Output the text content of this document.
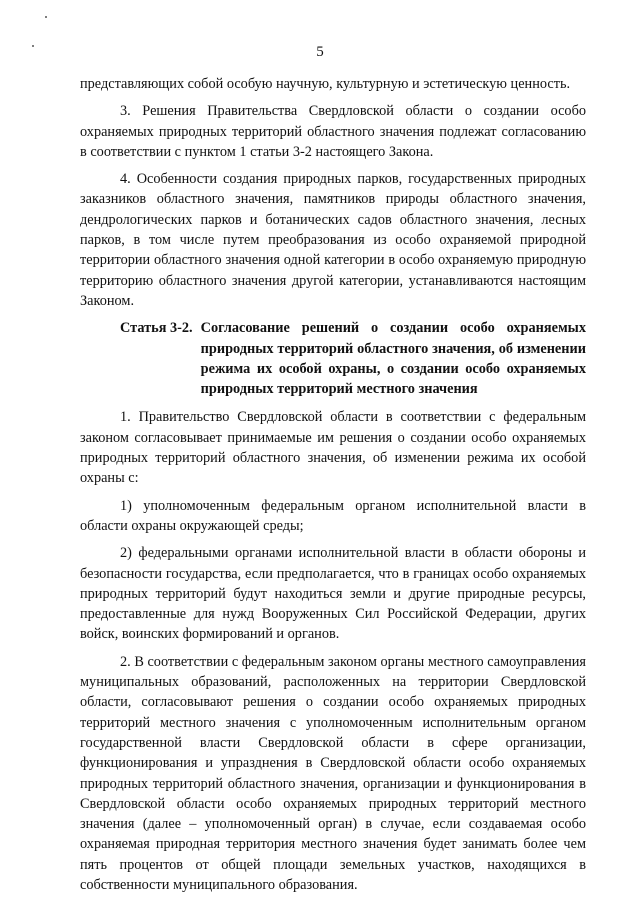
5

представляющих собой особую научную, культурную и эстетическую ценность.

3. Решения Правительства Свердловской области о создании особо охраняемых природных территорий областного значения подлежат согласованию в соответствии с пунктом 1 статьи 3-2 настоящего Закона.

4. Особенности создания природных парков, государственных природных заказников областного значения, памятников природы областного значения, дендрологических парков и ботанических садов областного значения, лесных парков, в том числе путем преобразования из особо охраняемой природной территории областного значения одной категории в особо охраняемую природную территорию областного значения другой категории, устанавливаются настоящим Законом.

Статья 3-2. Согласование решений о создании особо охраняемых природных территорий областного значения, об изменении режима их особой охраны, о создании особо охраняемых природных территорий местного значения

1. Правительство Свердловской области в соответствии с федеральным законом согласовывает принимаемые им решения о создании особо охраняемых природных территорий областного значения, об изменении режима их особой охраны с:

1) уполномоченным федеральным органом исполнительной власти в области охраны окружающей среды;

2) федеральными органами исполнительной власти в области обороны и безопасности государства, если предполагается, что в границах особо охраняемых природных территорий будут находиться земли и другие природные ресурсы, предоставленные для нужд Вооруженных Сил Российской Федерации, других войск, воинских формирований и органов.

2. В соответствии с федеральным законом органы местного самоуправления муниципальных образований, расположенных на территории Свердловской области, согласовывают решения о создании особо охраняемых природных территорий местного значения с уполномоченным исполнительным органом государственной власти Свердловской области в сфере организации, функционирования и упразднения в Свердловской области особо охраняемых природных территорий областного значения, организации и функционирования в Свердловской области особо охраняемых природных территорий местного значения (далее – уполномоченный орган) в случае, если создаваемая особо охраняемая природная территория местного значения будет занимать более чем пять процентов от общей площади земельных участков, находящихся в собственности муниципального образования.
